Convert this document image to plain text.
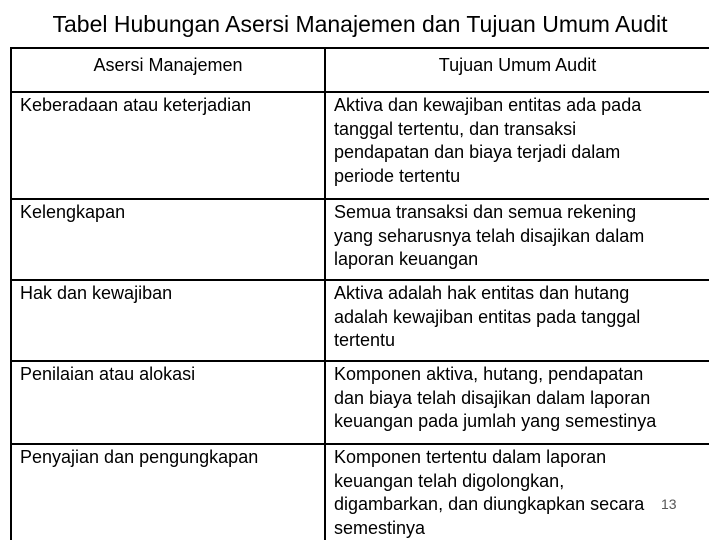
Tabel Hubungan Asersi Manajemen dan Tujuan Umum Audit
Asersi Manajemen	Tujuan Umum Audit
Keberadaan atau keterjadian	Aktiva dan kewajiban entitas ada pada
tanggal tertentu, dan transaksi
pendapatan dan biaya terjadi dalam
periode tertentu

Kelengkapan	Semua transaksi dan semua rekening
yang seharusnya telah disajikan dalam
laporan keuangan

Hak dan kewajiban	Aktiva adalah hak entitas dan hutang
adalah kewajiban entitas pada tanggal
tertentu

Penilaian atau alokasi	Komponen aktiva, hutang, pendapatan
dan biaya telah disajikan dalam laporan
keuangan pada jumlah yang semestinya

Penyajian dan pengungkapan	Komponen tertentu dalam laporan
keuangan telah digolongkan,
digambarkan, dan diungkapkan secara
semestinya
13
